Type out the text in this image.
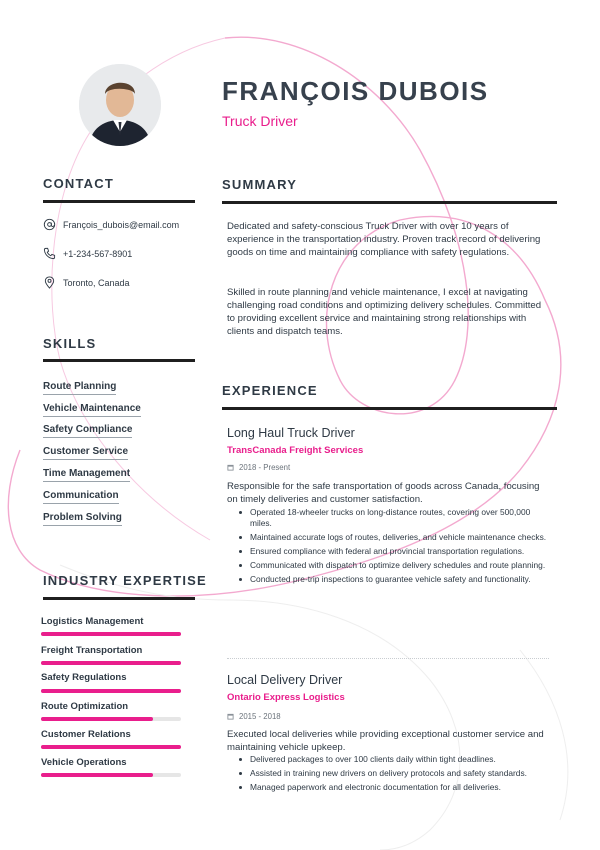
FRANÇOIS DUBOIS
Truck Driver
CONTACT
François_dubois@email.com
+1-234-567-8901
Toronto, Canada
SKILLS
Route Planning
Vehicle Maintenance
Safety Compliance
Customer Service
Time Management
Communication
Problem Solving
INDUSTRY EXPERTISE
Logistics Management
Freight Transportation
Safety Regulations
Route Optimization
Customer Relations
Vehicle Operations
SUMMARY
Dedicated and safety-conscious Truck Driver with over 10 years of experience in the transportation industry. Proven track record of delivering goods on time and maintaining compliance with safety regulations.
Skilled in route planning and vehicle maintenance, I excel at navigating challenging road conditions and optimizing delivery schedules. Committed to providing excellent service and maintaining strong relationships with clients and dispatch teams.
EXPERIENCE
Long Haul Truck Driver
TransCanada Freight Services
2018 - Present
Responsible for the safe transportation of goods across Canada, focusing on timely deliveries and customer satisfaction.
Operated 18-wheeler trucks on long-distance routes, covering over 500,000 miles.
Maintained accurate logs of routes, deliveries, and vehicle maintenance checks.
Ensured compliance with federal and provincial transportation regulations.
Communicated with dispatch to optimize delivery schedules and route planning.
Conducted pre-trip inspections to guarantee vehicle safety and functionality.
Local Delivery Driver
Ontario Express Logistics
2015 - 2018
Executed local deliveries while providing exceptional customer service and maintaining vehicle upkeep.
Delivered packages to over 100 clients daily within tight deadlines.
Assisted in training new drivers on delivery protocols and safety standards.
Managed paperwork and electronic documentation for all deliveries.
